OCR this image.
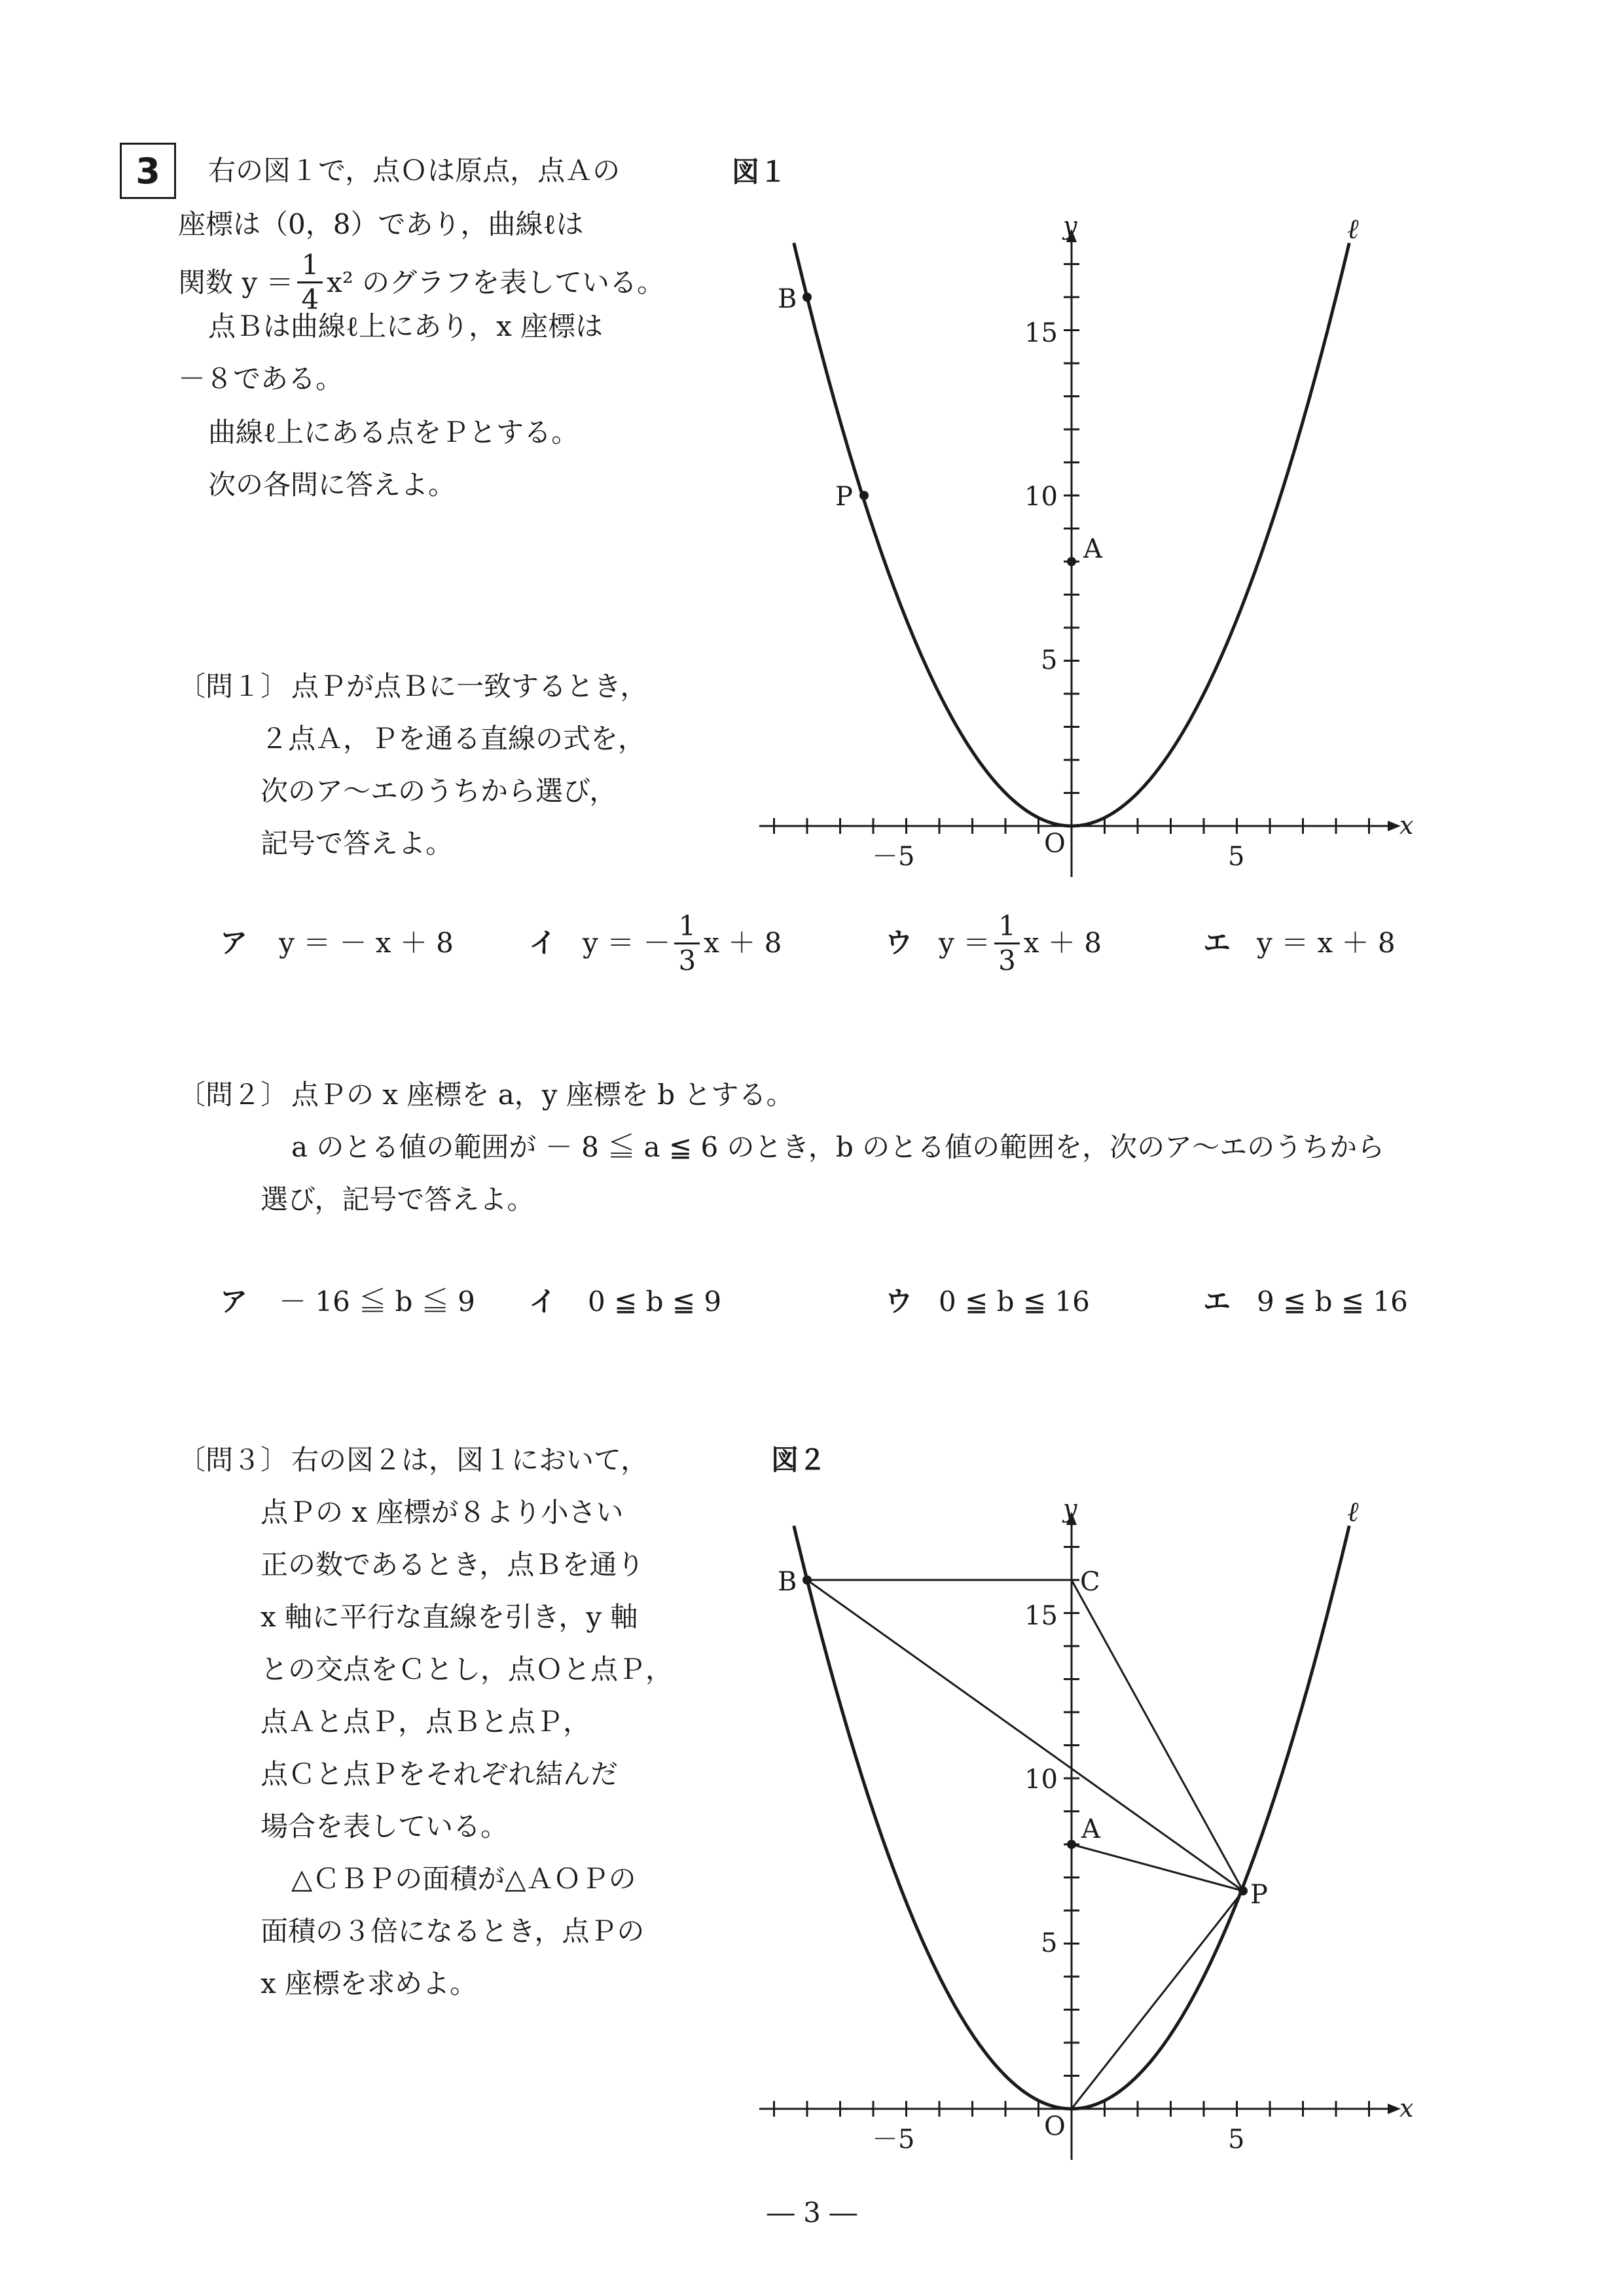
3 右の図１で，点Ｏは原点，点Ａの
座標は（0，8）であり，曲線ℓは
関数 $y = \frac{1}{4} x^2$ のグラフを表している。
点Ｂは曲線ℓ上にあり，x 座標は
－８である。
曲線ℓ上にある点をＰとする。
次の各問に答えよ。
図１
y
x
ℓ
O
15
10
5
－5	5
B
P
A
〔問１〕 点Ｐが点Ｂに一致するとき，
２点Ａ，Ｐを通る直線の式を，
次のア～エのうちから選び，
記号で答えよ。
ア y ＝ － x ＋ 8	イ y ＝ － $\frac{1}{3}$ x ＋ 8	ウ $y = \frac{1}{3}$ x ＋ 8	エ y ＝ x ＋ 8
〔問２〕 点Ｐの x 座標を a，y 座標を b とする。
a のとる値の範囲が － 8 ≦ a ≦ 6 のとき，b のとる値の範囲を，次のア～エのうちから
選び，記号で答えよ。
ア － 16 ≦ b ≦ 9 イ 0 ≦ b ≦ 9	ウ 0 ≦ b ≦ 16	エ 9 ≦ b ≦ 16
〔問３〕 右の図２は，図１において，
点Ｐの x 座標が８より小さい
正の数であるとき，点Ｂを通り
x 軸に平行な直線を引き，y 軸
との交点をＣとし，点Ｏと点Ｐ，
点Ａと点Ｐ，点Ｂと点Ｐ，
点Ｃと点Ｐをそれぞれ結んだ
場合を表している。
△ＣＢＰの面積が△ＡＯＰの
面積の３倍になるとき，点Ｐの
x 座標を求めよ。
図２
y
x
ℓ
O
15
10
5
－5	5
B	C
A
P
― 3 ―
